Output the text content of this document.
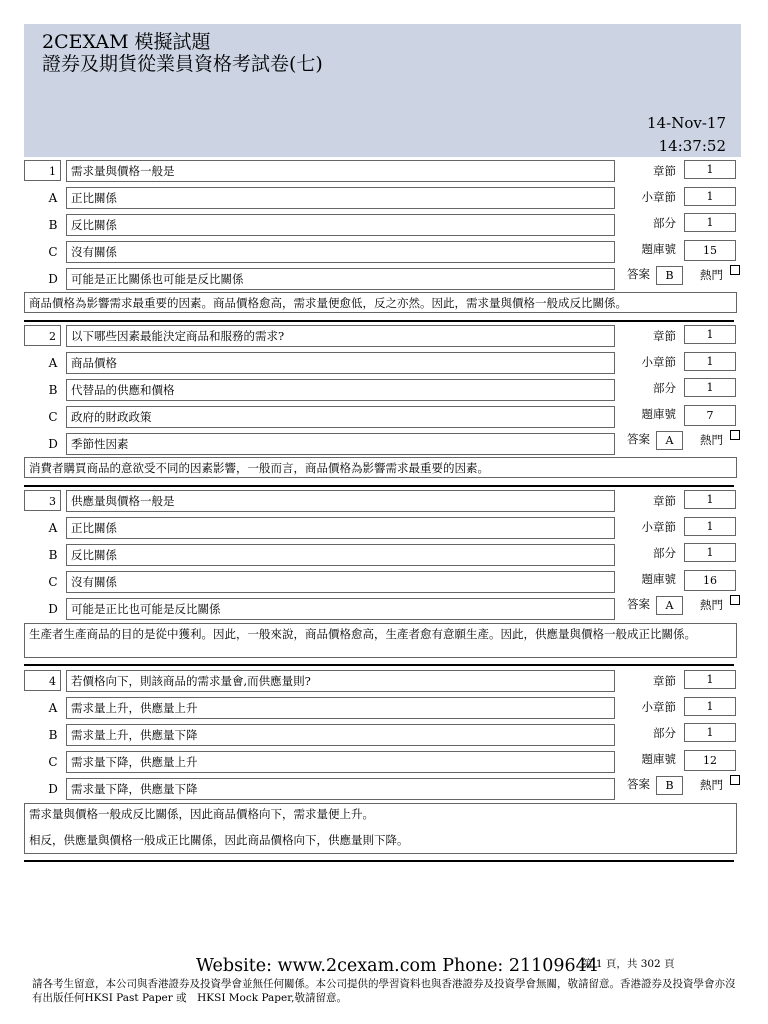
2CEXAM 模擬試題
證券及期貨從業員資格考試卷(七)
14-Nov-17
14:37:52
1	需求量與價格一般是
A	正比關係
B	反比關係
C	沒有關係
D	可能是正比關係也可能是反比關係
章節	1
小章節	1
部分	1
題庫號	15
答案	B	熱門
商品價格為影響需求最重要的因素。商品價格愈高，需求量便愈低，反之亦然。因此，需求量與價格一般成反比關係。
2	以下哪些因素最能決定商品和服務的需求?
A	商品價格
B	代替品的供應和價格
C	政府的財政政策
D	季節性因素
章節	1
小章節	1
部分	1
題庫號	7
答案	A	熱門
消費者購買商品的意欲受不同的因素影響，一般而言，商品價格為影響需求最重要的因素。
3	供應量與價格一般是
A	正比關係
B	反比關係
C	沒有關係
D	可能是正比也可能是反比關係
章節	1
小章節	1
部分	1
題庫號	16
答案	A	熱門
生產者生產商品的目的是從中獲利。因此，一般來說，商品價格愈高，生產者愈有意願生產。因此，供應量與價格一般成正比關係。
4	若價格向下，則該商品的需求量會,而供應量則?
A	需求量上升，供應量上升
B	需求量上升，供應量下降
C	需求量下降，供應量上升
D	需求量下降，供應量下降
章節	1
小章節	1
部分	1
題庫號	12
答案	B	熱門
需求量與價格一般成反比關係，因此商品價格向下，需求量便上升。
相反，供應量與價格一般成正比關係，因此商品價格向下，供應量則下降。
Website: www.2cexam.com Phone: 21109644
第 1 頁，共 302 頁
請各考生留意，本公司與香港證券及投資學會並無任何關係。本公司提供的學習資料也與香港證券及投資學會無關，敬請留意。香港證券及投資學會亦沒有出版任何HKSI Past Paper 或　HKSI Mock Paper,敬請留意。
